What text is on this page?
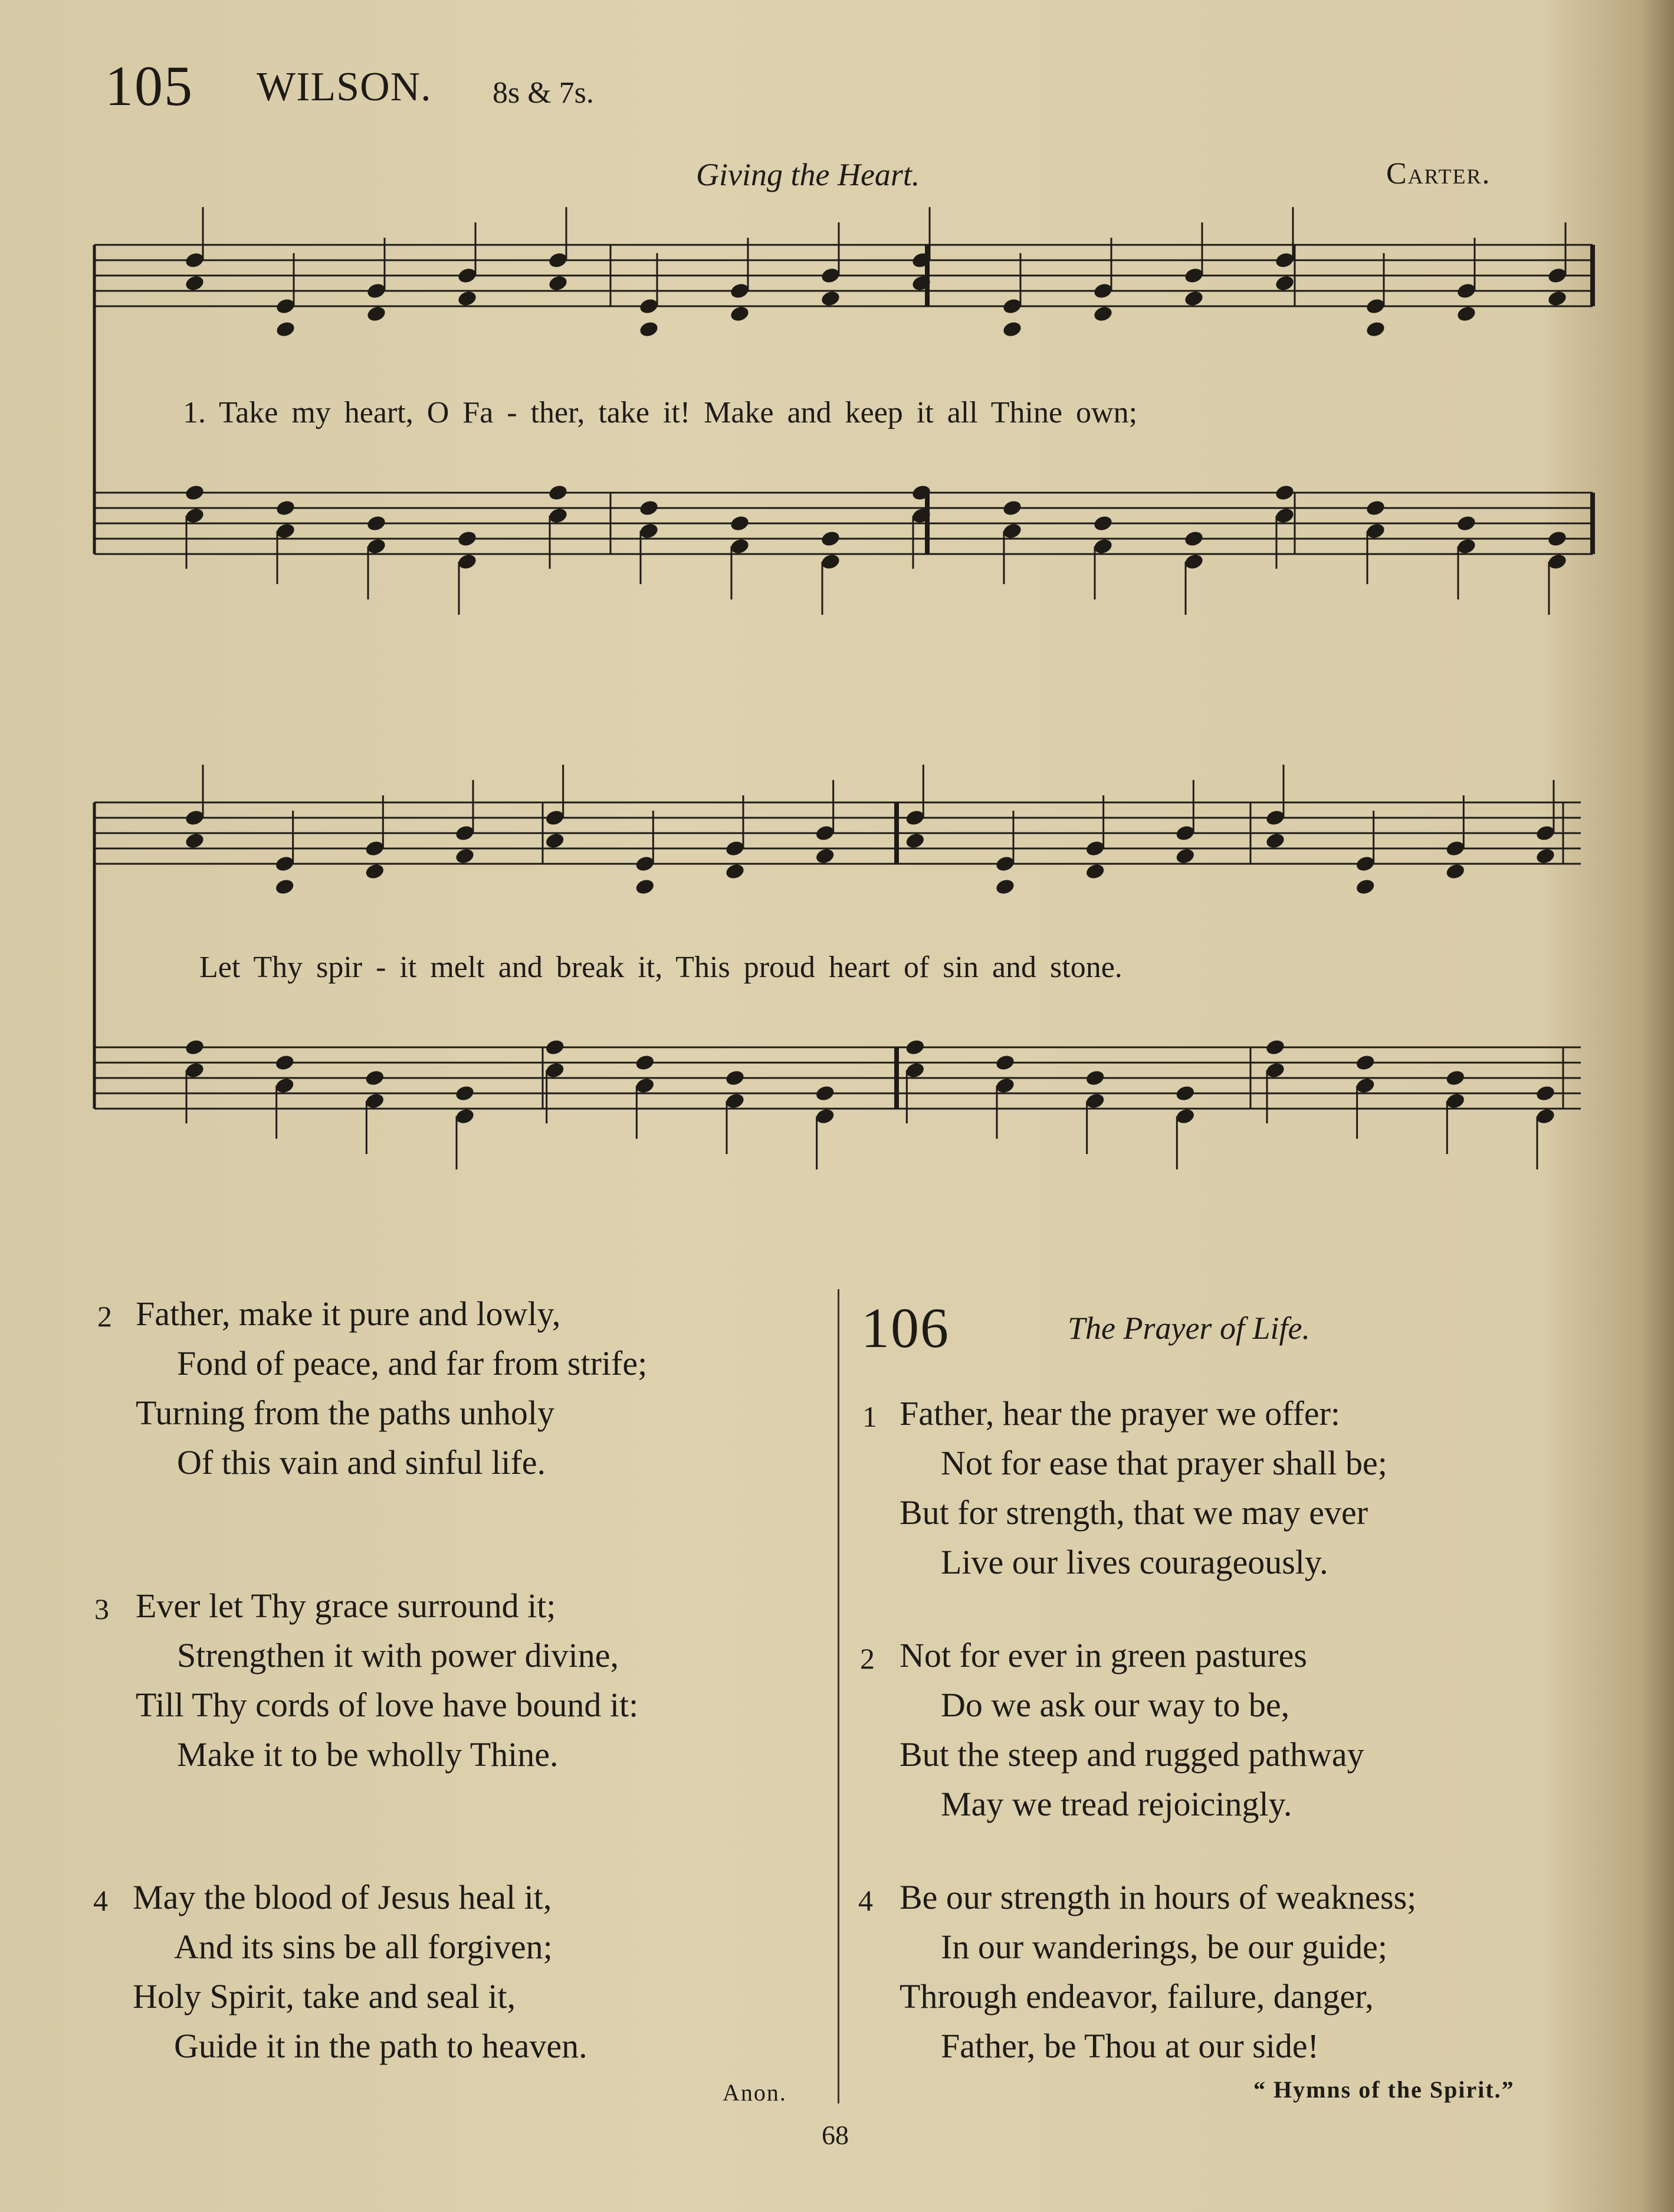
105 WILSON. 8s & 7s.
Giving the Heart.	Carter.
1. Take my heart, O Fa - ther, take it! Make and keep it all Thine own;
Let Thy spir - it melt and break it, This proud heart of sin and stone.
2 Father, make it pure and lowly,
Fond of peace, and far from strife;
Turning from the paths unholy
Of this vain and sinful life.
3 Ever let Thy grace surround it;
Strengthen it with power divine,
Till Thy cords of love have bound it:
Make it to be wholly Thine.
4 May the blood of Jesus heal it,
And its sins be all forgiven;
Holy Spirit, take and seal it,
Guide it in the path to heaven.
Anon.
106	The Prayer of Life.
1 Father, hear the prayer we offer:
Not for ease that prayer shall be;
But for strength, that we may ever
Live our lives courageously.
2 Not for ever in green pastures
Do we ask our way to be,
But the steep and rugged pathway
May we tread rejoicingly.
4 Be our strength in hours of weakness;
In our wanderings, be our guide;
Through endeavor, failure, danger,
Father, be Thou at our side!
“ Hymns of the Spirit.”
68
